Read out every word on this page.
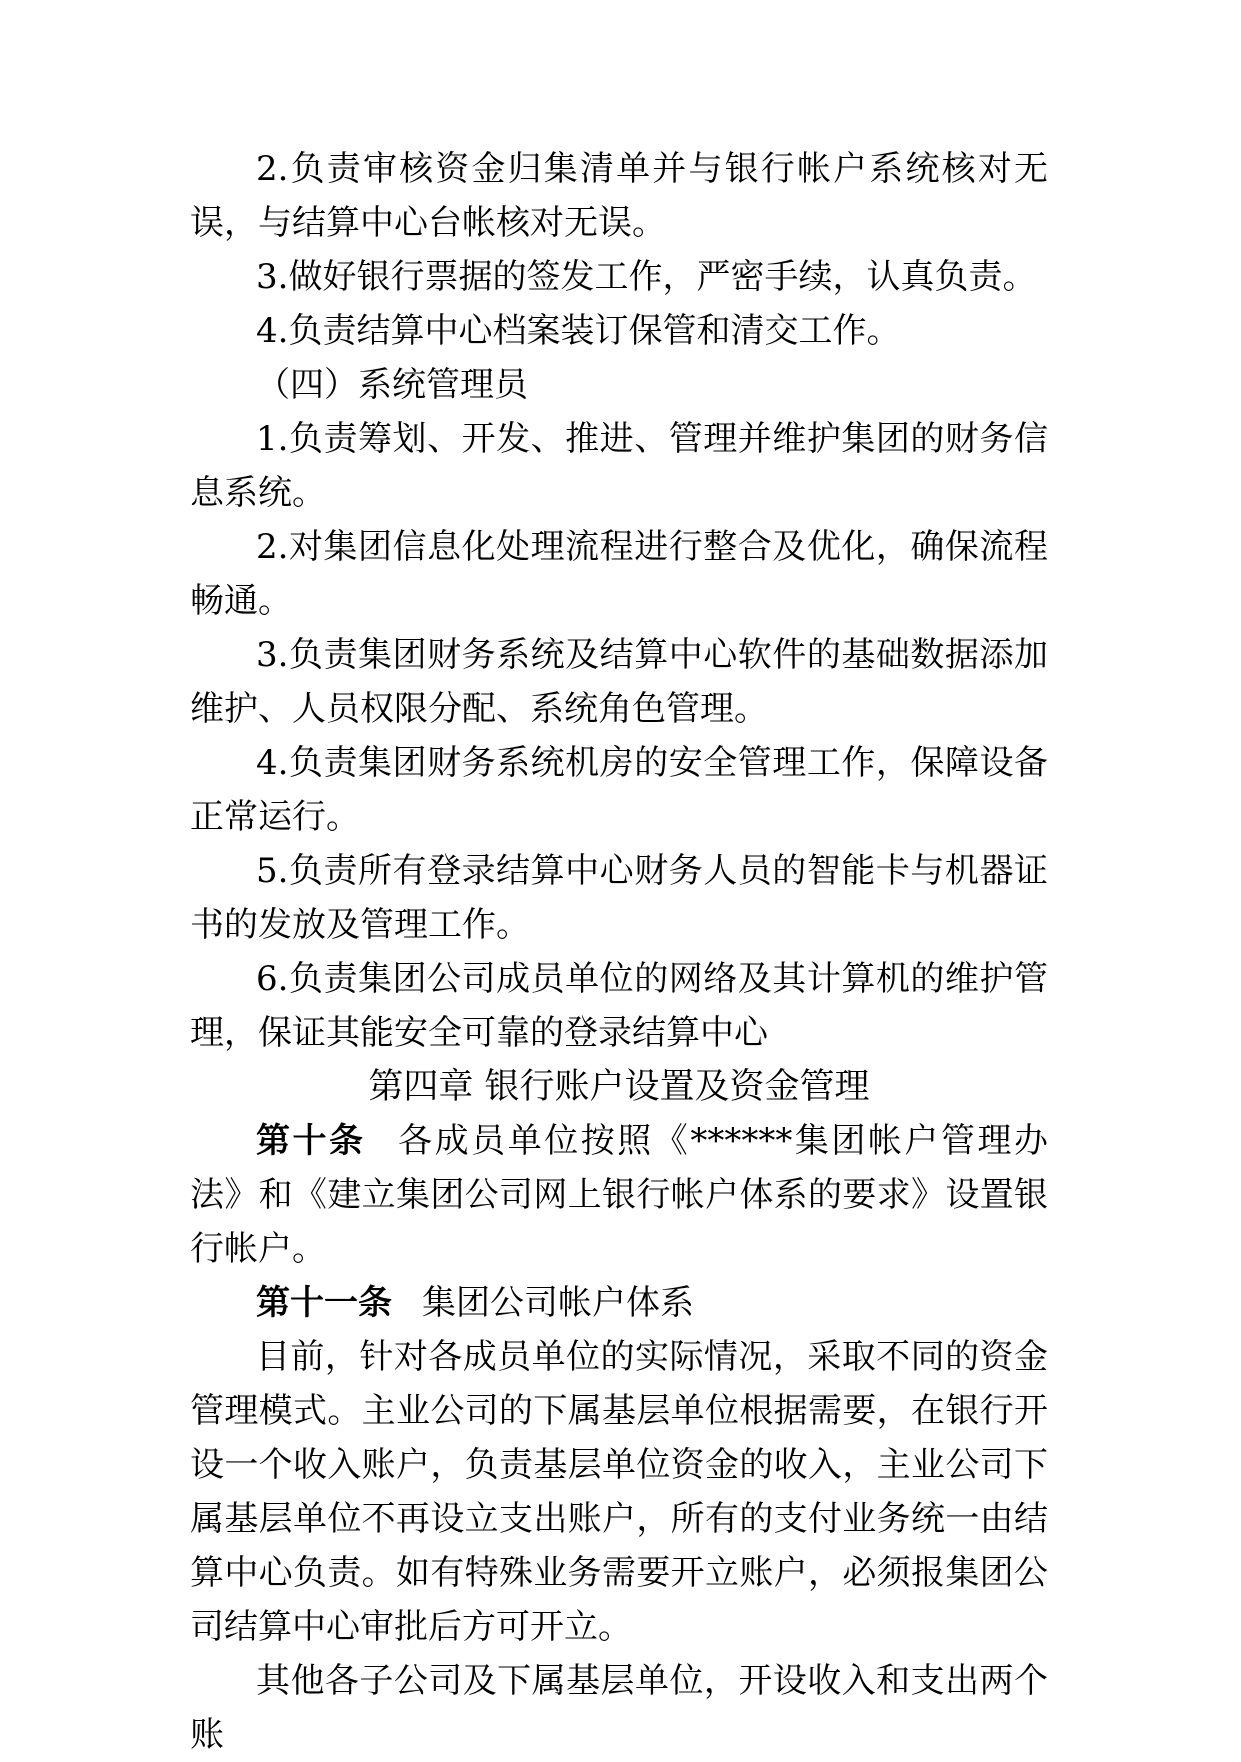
2.负责审核资金归集清单并与银行帐户系统核对无误，与结算中心台帐核对无误。

3.做好银行票据的签发工作，严密手续，认真负责。

4.负责结算中心档案装订保管和清交工作。

（四）系统管理员

1.负责筹划、开发、推进、管理并维护集团的财务信息系统。

2.对集团信息化处理流程进行整合及优化，确保流程畅通。

3.负责集团财务系统及结算中心软件的基础数据添加维护、人员权限分配、系统角色管理。

4.负责集团财务系统机房的安全管理工作，保障设备正常运行。

5.负责所有登录结算中心财务人员的智能卡与机器证书的发放及管理工作。

6.负责集团公司成员单位的网络及其计算机的维护管理，保证其能安全可靠的登录结算中心

第四章 银行账户设置及资金管理

第十条 各成员单位按照《******集团帐户管理办法》和《建立集团公司网上银行帐户体系的要求》设置银行帐户。

第十一条 集团公司帐户体系

目前，针对各成员单位的实际情况，采取不同的资金管理模式。主业公司的下属基层单位根据需要，在银行开设一个收入账户，负责基层单位资金的收入，主业公司下属基层单位不再设立支出账户，所有的支付业务统一由结算中心负责。如有特殊业务需要开立账户，必须报集团公司结算中心审批后方可开立。

其他各子公司及下属基层单位，开设收入和支出两个账
